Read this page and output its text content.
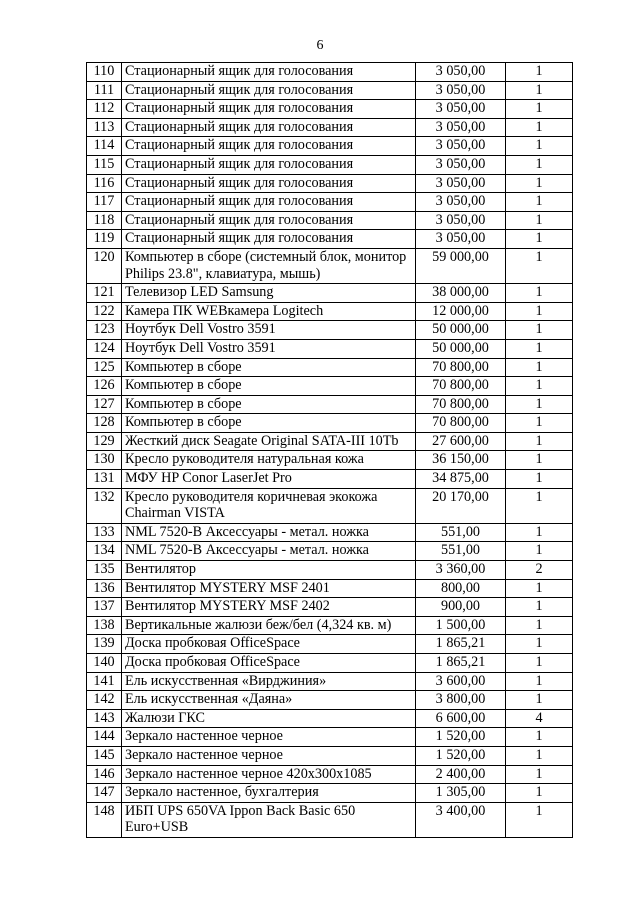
6
110	Стационарный ящик для голосования	3 050,00	1
111	Стационарный ящик для голосования	3 050,00	1
112	Стационарный ящик для голосования	3 050,00	1
113	Стационарный ящик для голосования	3 050,00	1
114	Стационарный ящик для голосования	3 050,00	1
115	Стационарный ящик для голосования	3 050,00	1
116	Стационарный ящик для голосования	3 050,00	1
117	Стационарный ящик для голосования	3 050,00	1
118	Стационарный ящик для голосования	3 050,00	1
119	Стационарный ящик для голосования	3 050,00	1
120	Компьютер в сборе (системный блок, монитор Philips 23.8", клавиатура, мышь)	59 000,00	1
121	Телевизор LED Samsung	38 000,00	1
122	Камера ПК WEBкамера Logitech	12 000,00	1
123	Ноутбук Dell Vostro 3591	50 000,00	1
124	Ноутбук Dell Vostro 3591	50 000,00	1
125	Компьютер в сборе	70 800,00	1
126	Компьютер в сборе	70 800,00	1
127	Компьютер в сборе	70 800,00	1
128	Компьютер в сборе	70 800,00	1
129	Жесткий диск Seagate Original SATA-III 10Tb	27 600,00	1
130	Кресло руководителя натуральная кожа	36 150,00	1
131	МФУ HP Conor LaserJet Pro	34 875,00	1
132	Кресло руководителя коричневая экокожа Chairman VISTA	20 170,00	1
133	NML 7520-B Аксессуары - метал. ножка	551,00	1
134	NML 7520-B Аксессуары - метал. ножка	551,00	1
135	Вентилятор	3 360,00	2
136	Вентилятор MYSTERY MSF 2401	800,00	1
137	Вентилятор MYSTERY MSF 2402	900,00	1
138	Вертикальные жалюзи беж/бел (4,324 кв. м)	1 500,00	1
139	Доска пробковая OfficeSpace	1 865,21	1
140	Доска пробковая OfficeSpace	1 865,21	1
141	Ель искусственная «Вирджиния»	3 600,00	1
142	Ель искусственная «Даяна»	3 800,00	1
143	Жалюзи ГКС	6 600,00	4
144	Зеркало настенное черное	1 520,00	1
145	Зеркало настенное черное	1 520,00	1
146	Зеркало настенное черное 420x300x1085	2 400,00	1
147	Зеркало настенное, бухгалтерия	1 305,00	1
148	ИБП UPS 650VA Ippon Back Basic 650 Euro+USB	3 400,00	1
